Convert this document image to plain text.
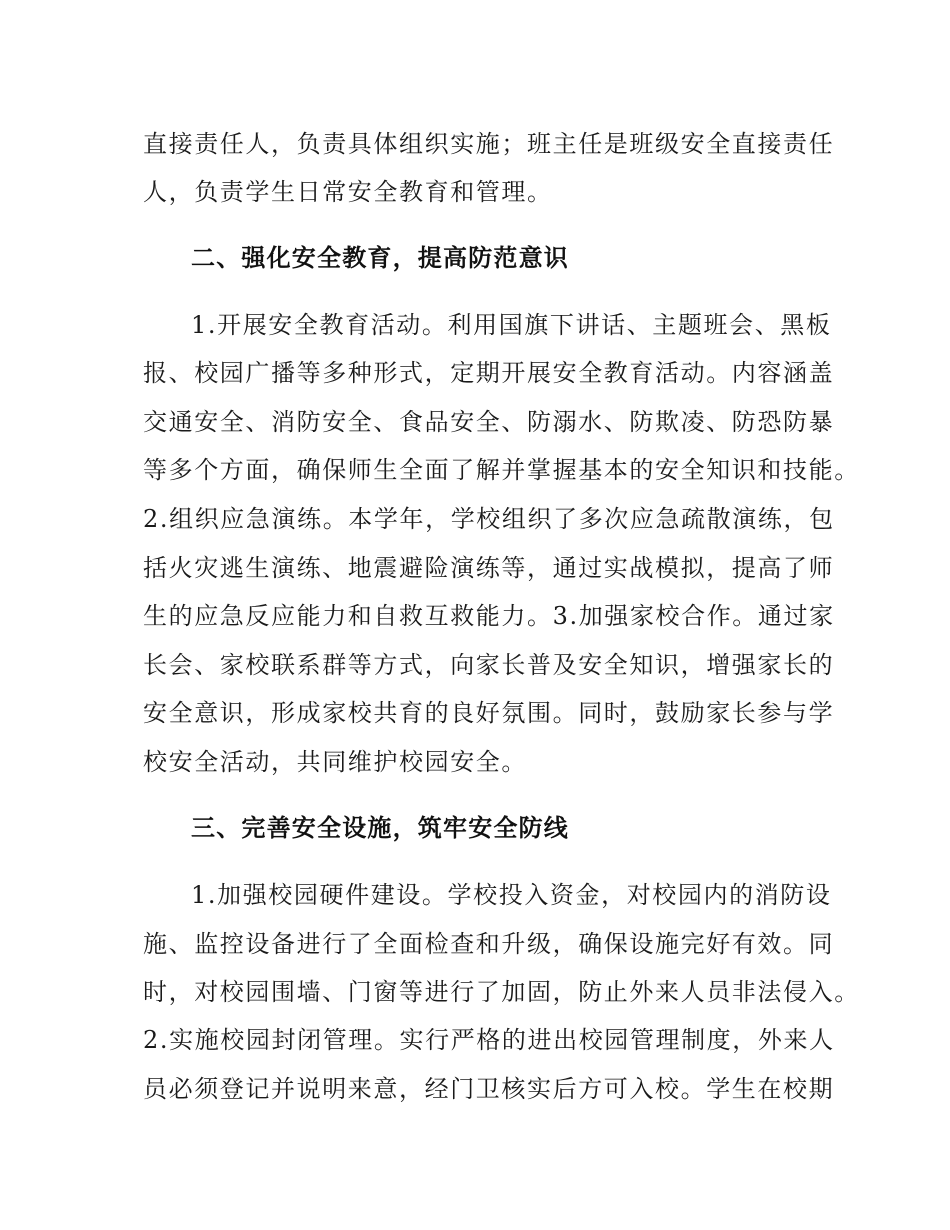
直接责任人，负责具体组织实施；班主任是班级安全直接责任
人，负责学生日常安全教育和管理。
二、强化安全教育，提高防范意识
1.开展安全教育活动。利用国旗下讲话、主题班会、黑板
报、校园广播等多种形式，定期开展安全教育活动。内容涵盖
交通安全、消防安全、食品安全、防溺水、防欺凌、防恐防暴
等多个方面，确保师生全面了解并掌握基本的安全知识和技能。
2.组织应急演练。本学年，学校组织了多次应急疏散演练，包
括火灾逃生演练、地震避险演练等，通过实战模拟，提高了师
生的应急反应能力和自救互救能力。3.加强家校合作。通过家
长会、家校联系群等方式，向家长普及安全知识，增强家长的
安全意识，形成家校共育的良好氛围。同时，鼓励家长参与学
校安全活动，共同维护校园安全。
三、完善安全设施，筑牢安全防线
1.加强校园硬件建设。学校投入资金，对校园内的消防设
施、监控设备进行了全面检查和升级，确保设施完好有效。同
时，对校园围墙、门窗等进行了加固，防止外来人员非法侵入。
2.实施校园封闭管理。实行严格的进出校园管理制度，外来人
员必须登记并说明来意，经门卫核实后方可入校。学生在校期
